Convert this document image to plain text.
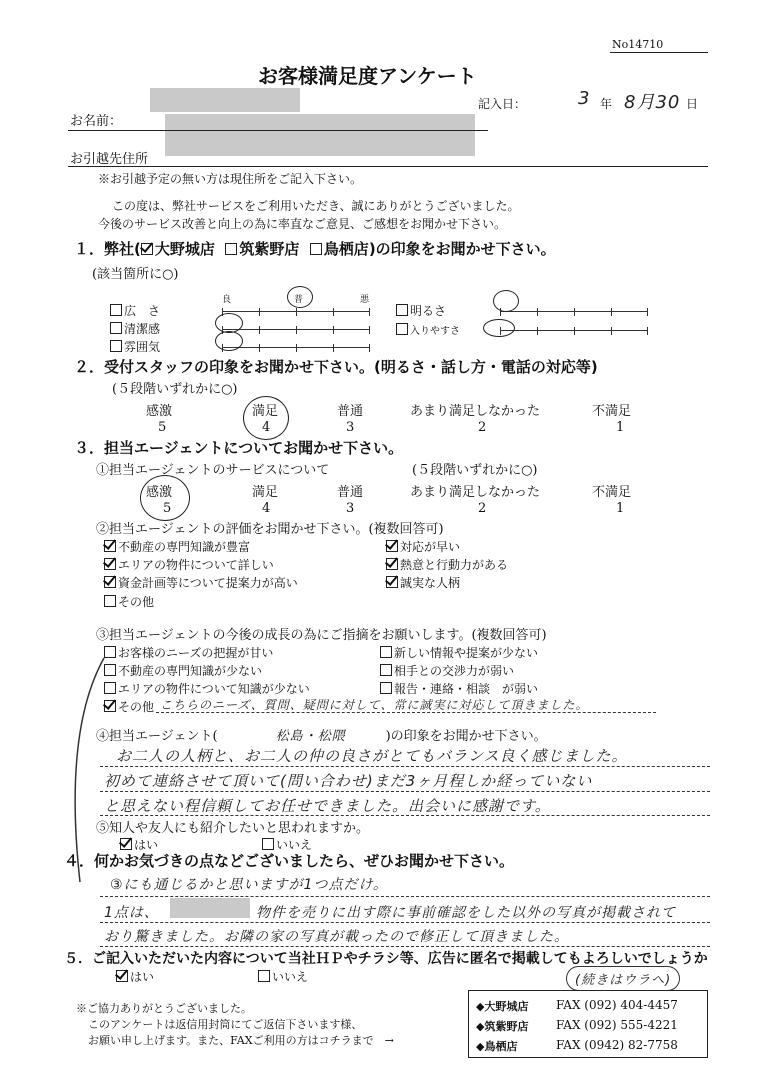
No14710
お客様満足度アンケート
記入日：	3 年 8月30 日
お名前：
お引越先住所
※お引越予定の無い方は現住所をご記入下さい。
この度は、弊社サービスをご利用いただき、誠にありがとうございました。
今後のサービス改善と向上の為に率直なご意見、ご感想をお聞かせ下さい。
１．弊社( 大野城店 筑紫野店 鳥栖店)の印象をお聞かせ下さい。
(該当箇所に○)
広　さ
清潔感
雰囲気
良	普	悪
明るさ
入りやすさ
２．受付スタッフの印象をお聞かせ下さい。(明るさ・話し方・電話の対応等)
(５段階いずれかに○)
感激	満足	普通	あまり満足しなかった	不満足
5	4	3	2	1
３．担当エージェントについてお聞かせ下さい。
①担当エージェントのサービスについて	(５段階いずれかに○)
感激	満足	普通	あまり満足しなかった	不満足
5	4	3	2	1
②担当エージェントの評価をお聞かせ下さい。(複数回答可)
不動産の専門知識が豊富
エリアの物件について詳しい
資金計画等について提案力が高い
その他
対応が早い
熱意と行動力がある
誠実な人柄
③担当エージェントの今後の成長の為にご指摘をお願いします。(複数回答可)
お客様のニーズの把握が甘い
不動産の専門知識が少ない
エリアの物件について知識が少ない
その他
新しい情報や提案が少ない
相手との交渉力が弱い
報告・連絡・相談　が弱い
こちらのニーズ、質問、疑問に対して、常に誠実に対応して頂きました。
④担当エージェント(	松島・松隈	)の印象をお聞かせ下さい。
お二人の人柄と、お二人の仲の良さがとてもバランス良く感じました。
初めて連絡させて頂いて(問い合わせ)まだ3ヶ月程しか経っていない
と思えない程信頼してお任せできました。出会いに感謝です。
⑤知人や友人にも紹介したいと思われますか。
はい	いいえ
４．何かお気づきの点などございましたら、ぜひお聞かせ下さい。
③にも通じるかと思いますが1つ点だけ。
1点は、	物件を売りに出す際に事前確認をした以外の写真が掲載されて
おり驚きました。お隣の家の写真が載ったので修正して頂きました。
５．ご記入いただいた内容について当社ＨＰやチラシ等、広告に匿名で掲載してもよろしいでしょうか
はい	いいえ	(続きはウラへ)
※ご協力ありがとうございました。
このアンケートは返信用封筒にてご返信下さいます様、
お願い申し上げます。また、FAXご利用の方はコチラまで　→
◆大野城店 FAX (092) 404-4457
◆筑紫野店 FAX (092) 555-4221
◆鳥栖店	FAX (0942) 82-7758
